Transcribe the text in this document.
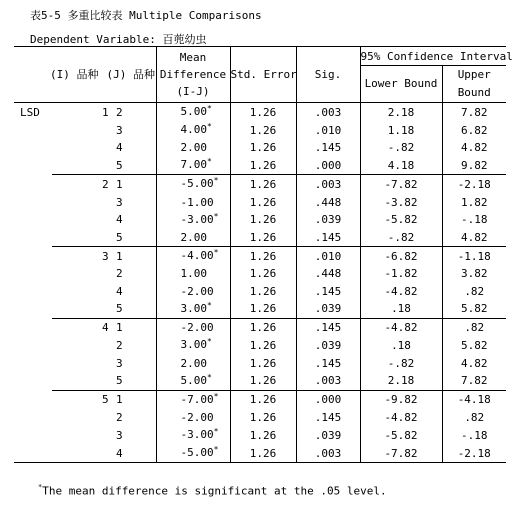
表5-5 多重比较表 Multiple Comparisons
Dependent Variable: 百蔸幼虫
(I) 品种 (J) 品种			Mean
Difference
(I-J)	Std. Error	Sig.	95% Confidence Interval	
						Lower Bound	Upper
Bound

LSD	1	2	5.00*	1.26	.003	2.18	7.82
		3	4.00*	1.26	.010	1.18	6.82
		4	2.00	1.26	.145	-.82	4.82
		5	7.00*	1.26	.000	4.18	9.82
	2	1	-5.00*	1.26	.003	-7.82	-2.18
		3	-1.00	1.26	.448	-3.82	1.82
		4	-3.00*	1.26	.039	-5.82	-.18
		5	2.00	1.26	.145	-.82	4.82
	3	1	-4.00*	1.26	.010	-6.82	-1.18
		2	1.00	1.26	.448	-1.82	3.82
		4	-2.00	1.26	.145	-4.82	.82
		5	3.00*	1.26	.039	.18	5.82
	4	1	-2.00	1.26	.145	-4.82	.82
		2	3.00*	1.26	.039	.18	5.82
		3	2.00	1.26	.145	-.82	4.82
		5	5.00*	1.26	.003	2.18	7.82
	5	1	-7.00*	1.26	.000	-9.82	-4.18
		2	-2.00	1.26	.145	-4.82	.82
		3	-3.00*	1.26	.039	-5.82	-.18
		4	-5.00*	1.26	.003	-7.82	-2.18
*The mean difference is significant at the .05 level.
